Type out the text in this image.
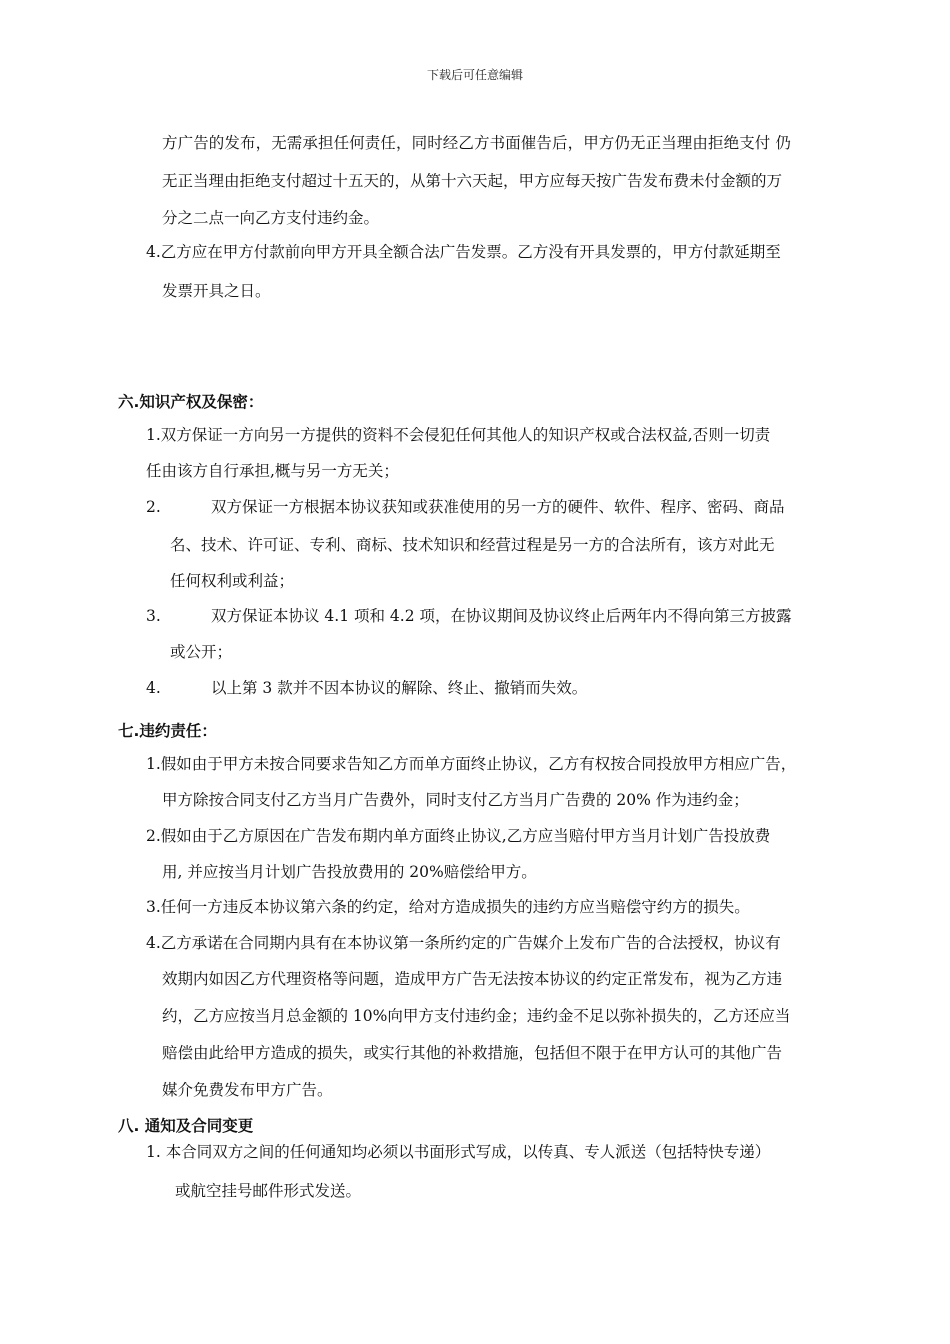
下载后可任意编辑
方广告的发布，无需承担任何责任，同时经乙方书面催告后，甲方仍无正当理由拒绝支付 仍
无正当理由拒绝支付超过十五天的，从第十六天起，甲方应每天按广告发布费未付金额的万
分之二点一向乙方支付违约金。
4.乙方应在甲方付款前向甲方开具全额合法广告发票。乙方没有开具发票的，甲方付款延期至
发票开具之日。
六.知识产权及保密：
1.双方保证一方向另一方提供的资料不会侵犯任何其他人的知识产权或合法权益,否则一切责
任由该方自行承担,概与另一方无关；
2.	双方保证一方根据本协议获知或获准使用的另一方的硬件、软件、程序、密码、商品
名、技术、许可证、专利、商标、技术知识和经营过程是另一方的合法所有，该方对此无
任何权利或利益；
3.	双方保证本协议 4.1 项和 4.2 项，在协议期间及协议终止后两年内不得向第三方披露
或公开；
4.	以上第 3 款并不因本协议的解除、终止、撤销而失效。
七.违约责任：
1.假如由于甲方未按合同要求告知乙方而单方面终止协议，乙方有权按合同投放甲方相应广告，
甲方除按合同支付乙方当月广告费外，同时支付乙方当月广告费的 20% 作为违约金；
2.假如由于乙方原因在广告发布期内单方面终止协议,乙方应当赔付甲方当月计划广告投放费
用, 并应按当月计划广告投放费用的 20%赔偿给甲方。
3.任何一方违反本协议第六条的约定，给对方造成损失的违约方应当赔偿守约方的损失。
4.乙方承诺在合同期内具有在本协议第一条所约定的广告媒介上发布广告的合法授权，协议有
效期内如因乙方代理资格等问题，造成甲方广告无法按本协议的约定正常发布，视为乙方违
约，乙方应按当月总金额的 10%向甲方支付违约金；违约金不足以弥补损失的，乙方还应当
赔偿由此给甲方造成的损失，或实行其他的补救措施，包括但不限于在甲方认可的其他广告
媒介免费发布甲方广告。
八. 通知及合同变更
1. 本合同双方之间的任何通知均必须以书面形式写成，以传真、专人派送（包括特快专递）
或航空挂号邮件形式发送。
